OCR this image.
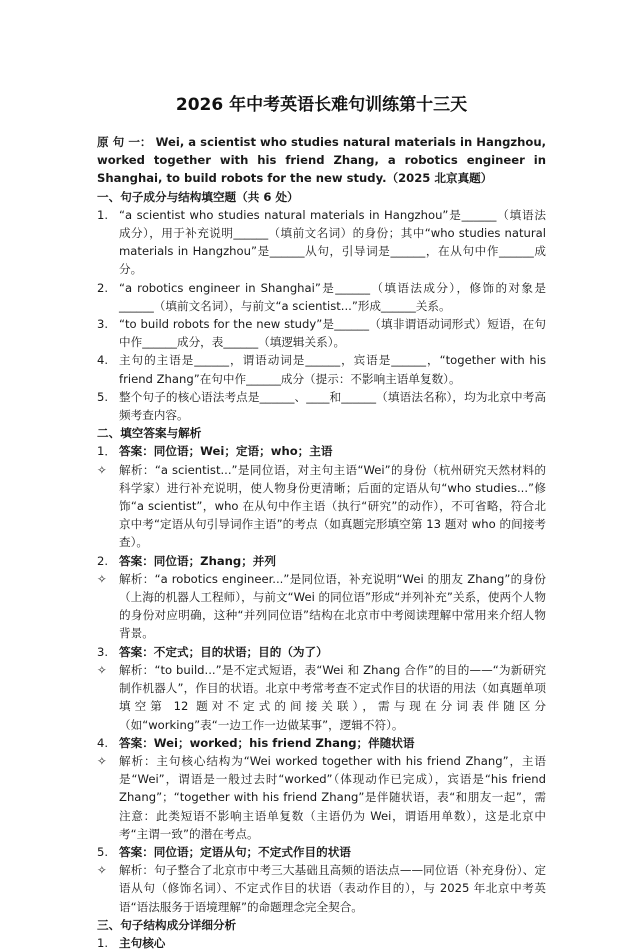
2026 年中考英语长难句训练第十三天

原 句 一： Wei, a scientist who studies natural materials in Hangzhou, worked together with his friend Zhang, a robotics engineer in Shanghai, to build robots for the new study.（2025 北京真题）

一、句子成分与结构填空题（共 6 处）

1. “a scientist who studies natural materials in Hangzhou”是______（填语法成分），用于补充说明______（填前文名词）的身份；其中“who studies natural materials in Hangzhou”是______从句，引导词是______，在从句中作______成分。
2. “a robotics engineer in Shanghai”是______（填语法成分），修饰的对象是______（填前文名词），与前文“a scientist...”形成______关系。
3. “to build robots for the new study”是______（填非谓语动词形式）短语，在句中作______成分，表______（填逻辑关系）。
4. 主句的主语是______，谓语动词是______，宾语是______，“together with his friend Zhang”在句中作______成分（提示：不影响主语单复数）。
5. 整个句子的核心语法考点是______、____和______（填语法名称），均为北京中考高频考查内容。

二、填空答案与解析

1． 答案：同位语；Wei；定语；who；主语
✧	解析：“a scientist...”是同位语，对主句主语“Wei”的身份（杭州研究天然材料的科学家）进行补充说明，使人物身份更清晰；后面的定语从句“who studies...”修饰“a scientist”，who 在从句中作主语（执行“研究”的动作），不可省略，符合北京中考“定语从句引导词作主语”的考点（如真题完形填空第 13 题对 who 的间接考查）。
2. 答案：同位语；Zhang；并列
✧	解析：“a robotics engineer...”是同位语，补充说明“Wei 的朋友 Zhang”的身份（上海的机器人工程师），与前文“Wei 的同位语”形成“并列补充”关系，使两个人物的身份对应明确，这种“并列同位语”结构在北京市中考阅读理解中常用来介绍人物背景。
3. 答案：不定式；目的状语；目的（为了）
✧	解析：“to build...”是不定式短语，表“Wei 和 Zhang 合作”的目的——“为新研究制作机器人”，作目的状语。北京中考常考查不定式作目的状语的用法（如真题单项填空第 12 题对不定式的间接关联），需与现在分词表伴随区分（如“working”表“一边工作一边做某事”，逻辑不符）。
4. 答案：Wei；worked；his friend Zhang；伴随状语
✧	解析：主句核心结构为“Wei worked together with his friend Zhang”，主语是“Wei”，谓语是一般过去时“worked”（体现动作已完成），宾语是“his friend Zhang”；“together with his friend Zhang”是伴随状语，表“和朋友一起”，需注意：此类短语不影响主语单复数（主语仍为 Wei，谓语用单数），这是北京中考“主谓一致”的潜在考点。
5. 答案：同位语；定语从句；不定式作目的状语
✧	解析：句子整合了北京市中考三大基础且高频的语法点——同位语（补充身份）、定语从句（修饰名词）、不定式作目的状语（表动作目的），与 2025 年北京中考英语“语法服务于语境理解”的命题理念完全契合。

三、句子结构成分详细分析

1. 主句核心
